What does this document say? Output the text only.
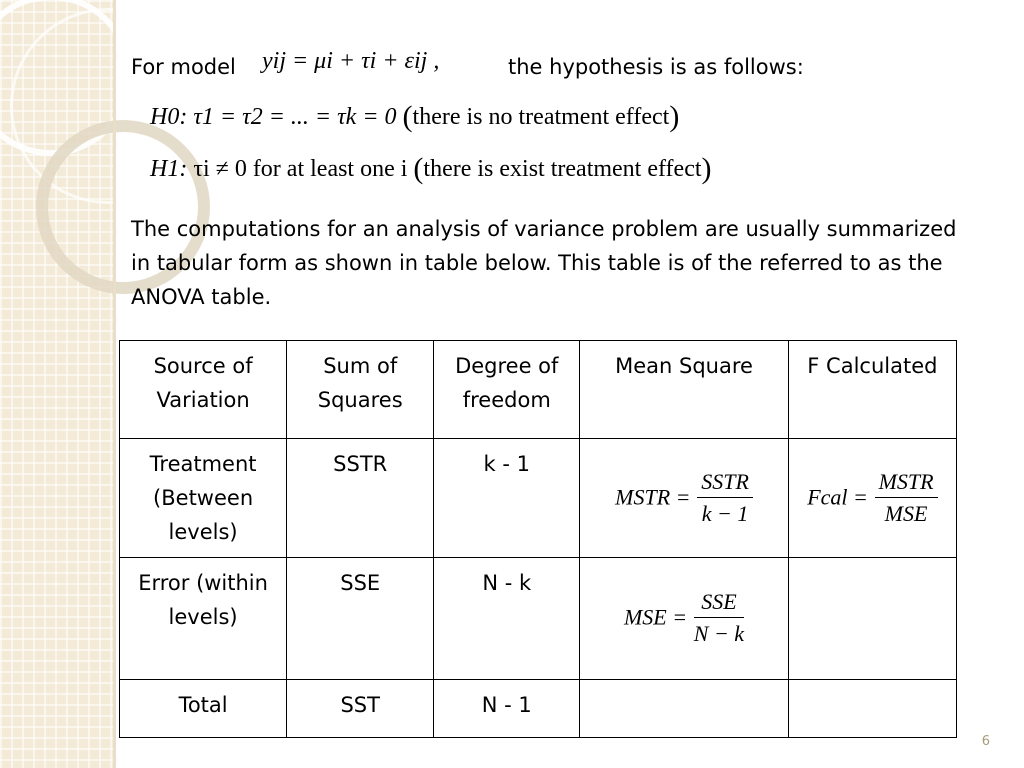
For model yij = μi + τi + εij ,	the hypothesis is as follows:
H0: τ1 = τ2 = ... = τk = 0 (there is no treatment effect)
H1: τi ≠ 0 for at least one i (there is exist treatment effect)
The computations for an analysis of variance problem are usually summarized in tabular form as shown in table below. This table is of the referred to as the ANOVA table.
Source of Variation	Sum of Squares	Degree of freedom	Mean Square	F Calculated
Treatment (Between levels)	SSTR	k - 1	MSTR = $\frac{\text{SSTR}}{k - 1}$	Fcal = $\frac{\text{MSTR}}{\text{MSE}}$

Error (within levels)	SSE	N - k	MSE = $\frac{\text{SSE}}{N - k}$

Total	SST	N - 1		
6
